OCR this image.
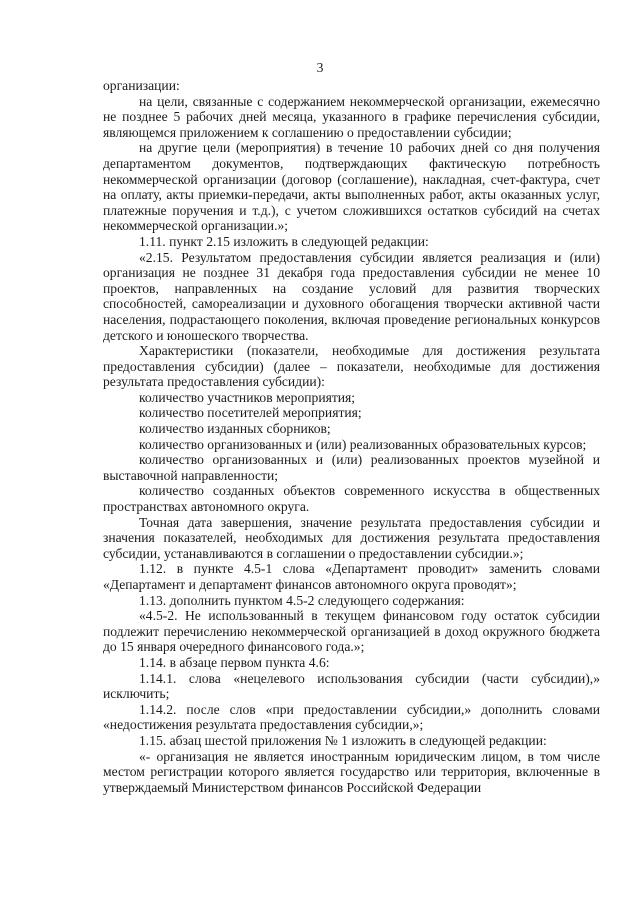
3

организации:

на цели, связанные с содержанием некоммерческой организации, ежемесячно не позднее 5 рабочих дней месяца, указанного в графике перечисления субсидии, являющемся приложением к соглашению о предоставлении субсидии;

на другие цели (мероприятия) в течение 10 рабочих дней со дня получения департаментом документов, подтверждающих фактическую потребность некоммерческой организации (договор (соглашение), накладная, счет-фактура, счет на оплату, акты приемки-передачи, акты выполненных работ, акты оказанных услуг, платежные поручения и т.д.), с учетом сложившихся остатков субсидий на счетах некоммерческой организации.»;

1.11. пункт 2.15 изложить в следующей редакции:

«2.15. Результатом предоставления субсидии является реализация и (или) организация не позднее 31 декабря года предоставления субсидии не менее 10 проектов, направленных на создание условий для развития творческих способностей, самореализации и духовного обогащения творчески активной части населения, подрастающего поколения, включая проведение региональных конкурсов детского и юношеского творчества.

Характеристики (показатели, необходимые для достижения результата предоставления субсидии) (далее – показатели, необходимые для достижения результата предоставления субсидии):

количество участников мероприятия;

количество посетителей мероприятия;

количество изданных сборников;

количество организованных и (или) реализованных образовательных курсов;

количество организованных и (или) реализованных проектов музейной и выставочной направленности;

количество созданных объектов современного искусства в общественных пространствах автономного округа.

Точная дата завершения, значение результата предоставления субсидии и значения показателей, необходимых для достижения результата предоставления субсидии, устанавливаются в соглашении о предоставлении субсидии.»;

1.12. в пункте 4.5-1 слова «Департамент проводит» заменить словами «Департамент и департамент финансов автономного округа проводят»;

1.13. дополнить пунктом 4.5-2 следующего содержания:

«4.5-2. Не использованный в текущем финансовом году остаток субсидии подлежит перечислению некоммерческой организацией в доход окружного бюджета до 15 января очередного финансового года.»;

1.14. в абзаце первом пункта 4.6:

1.14.1. слова «нецелевого использования субсидии (части субсидии),» исключить;

1.14.2. после слов «при предоставлении субсидии,» дополнить словами «недостижения результата предоставления субсидии,»;

1.15. абзац шестой приложения № 1 изложить в следующей редакции:

«- организация не является иностранным юридическим лицом, в том числе местом регистрации которого является государство или территория, включенные в утверждаемый Министерством финансов Российской Федерации
